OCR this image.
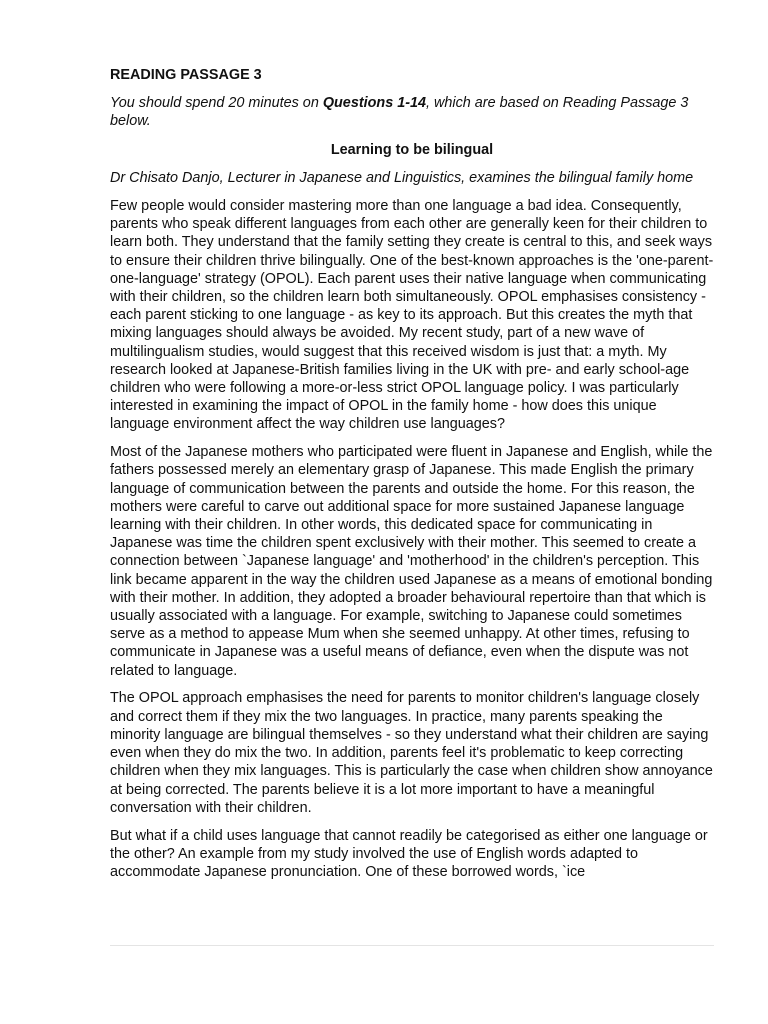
READING PASSAGE 3
You should spend 20 minutes on Questions 1-14, which are based on Reading Passage 3 below.
Learning to be bilingual
Dr Chisato Danjo, Lecturer in Japanese and Linguistics, examines the bilingual family home

Few people would consider mastering more than one language a bad idea. Consequently, parents who speak different languages from each other are generally keen for their children to learn both. They understand that the family setting they create is central to this, and seek ways to ensure their children thrive bilingually. One of the best-known approaches is the 'one-parent-one-language' strategy (OPOL). Each parent uses their native language when communicating with their children, so the children learn both simultaneously. OPOL emphasises consistency - each parent sticking to one language - as key to its approach. But this creates the myth that mixing languages should always be avoided. My recent study, part of a new wave of multilingualism studies, would suggest that this received wisdom is just that: a myth. My research looked at Japanese-British families living in the UK with pre- and early school-age children who were following a more-or-less strict OPOL language policy. I was particularly interested in examining the impact of OPOL in the family home - how does this unique language environment affect the way children use languages?

Most of the Japanese mothers who participated were fluent in Japanese and English, while the fathers possessed merely an elementary grasp of Japanese. This made English the primary language of communication between the parents and outside the home. For this reason, the mothers were careful to carve out additional space for more sustained Japanese language learning with their children. In other words, this dedicated space for communicating in Japanese was time the children spent exclusively with their mother. This seemed to create a connection between `Japanese language' and 'motherhood' in the children's perception. This link became apparent in the way the children used Japanese as a means of emotional bonding with their mother. In addition, they adopted a broader behavioural repertoire than that which is usually associated with a language. For example, switching to Japanese could sometimes serve as a method to appease Mum when she seemed unhappy. At other times, refusing to communicate in Japanese was a useful means of defiance, even when the dispute was not related to language.

The OPOL approach emphasises the need for parents to monitor children's language closely and correct them if they mix the two languages. In practice, many parents speaking the minority language are bilingual themselves - so they understand what their children are saying even when they do mix the two. In addition, parents feel it's problematic to keep correcting children when they mix languages. This is particularly the case when children show annoyance at being corrected. The parents believe it is a lot more important to have a meaningful conversation with their children.

But what if a child uses language that cannot readily be categorised as either one language or the other? An example from my study involved the use of English words adapted to accommodate Japanese pronunciation. One of these borrowed words, `ice
